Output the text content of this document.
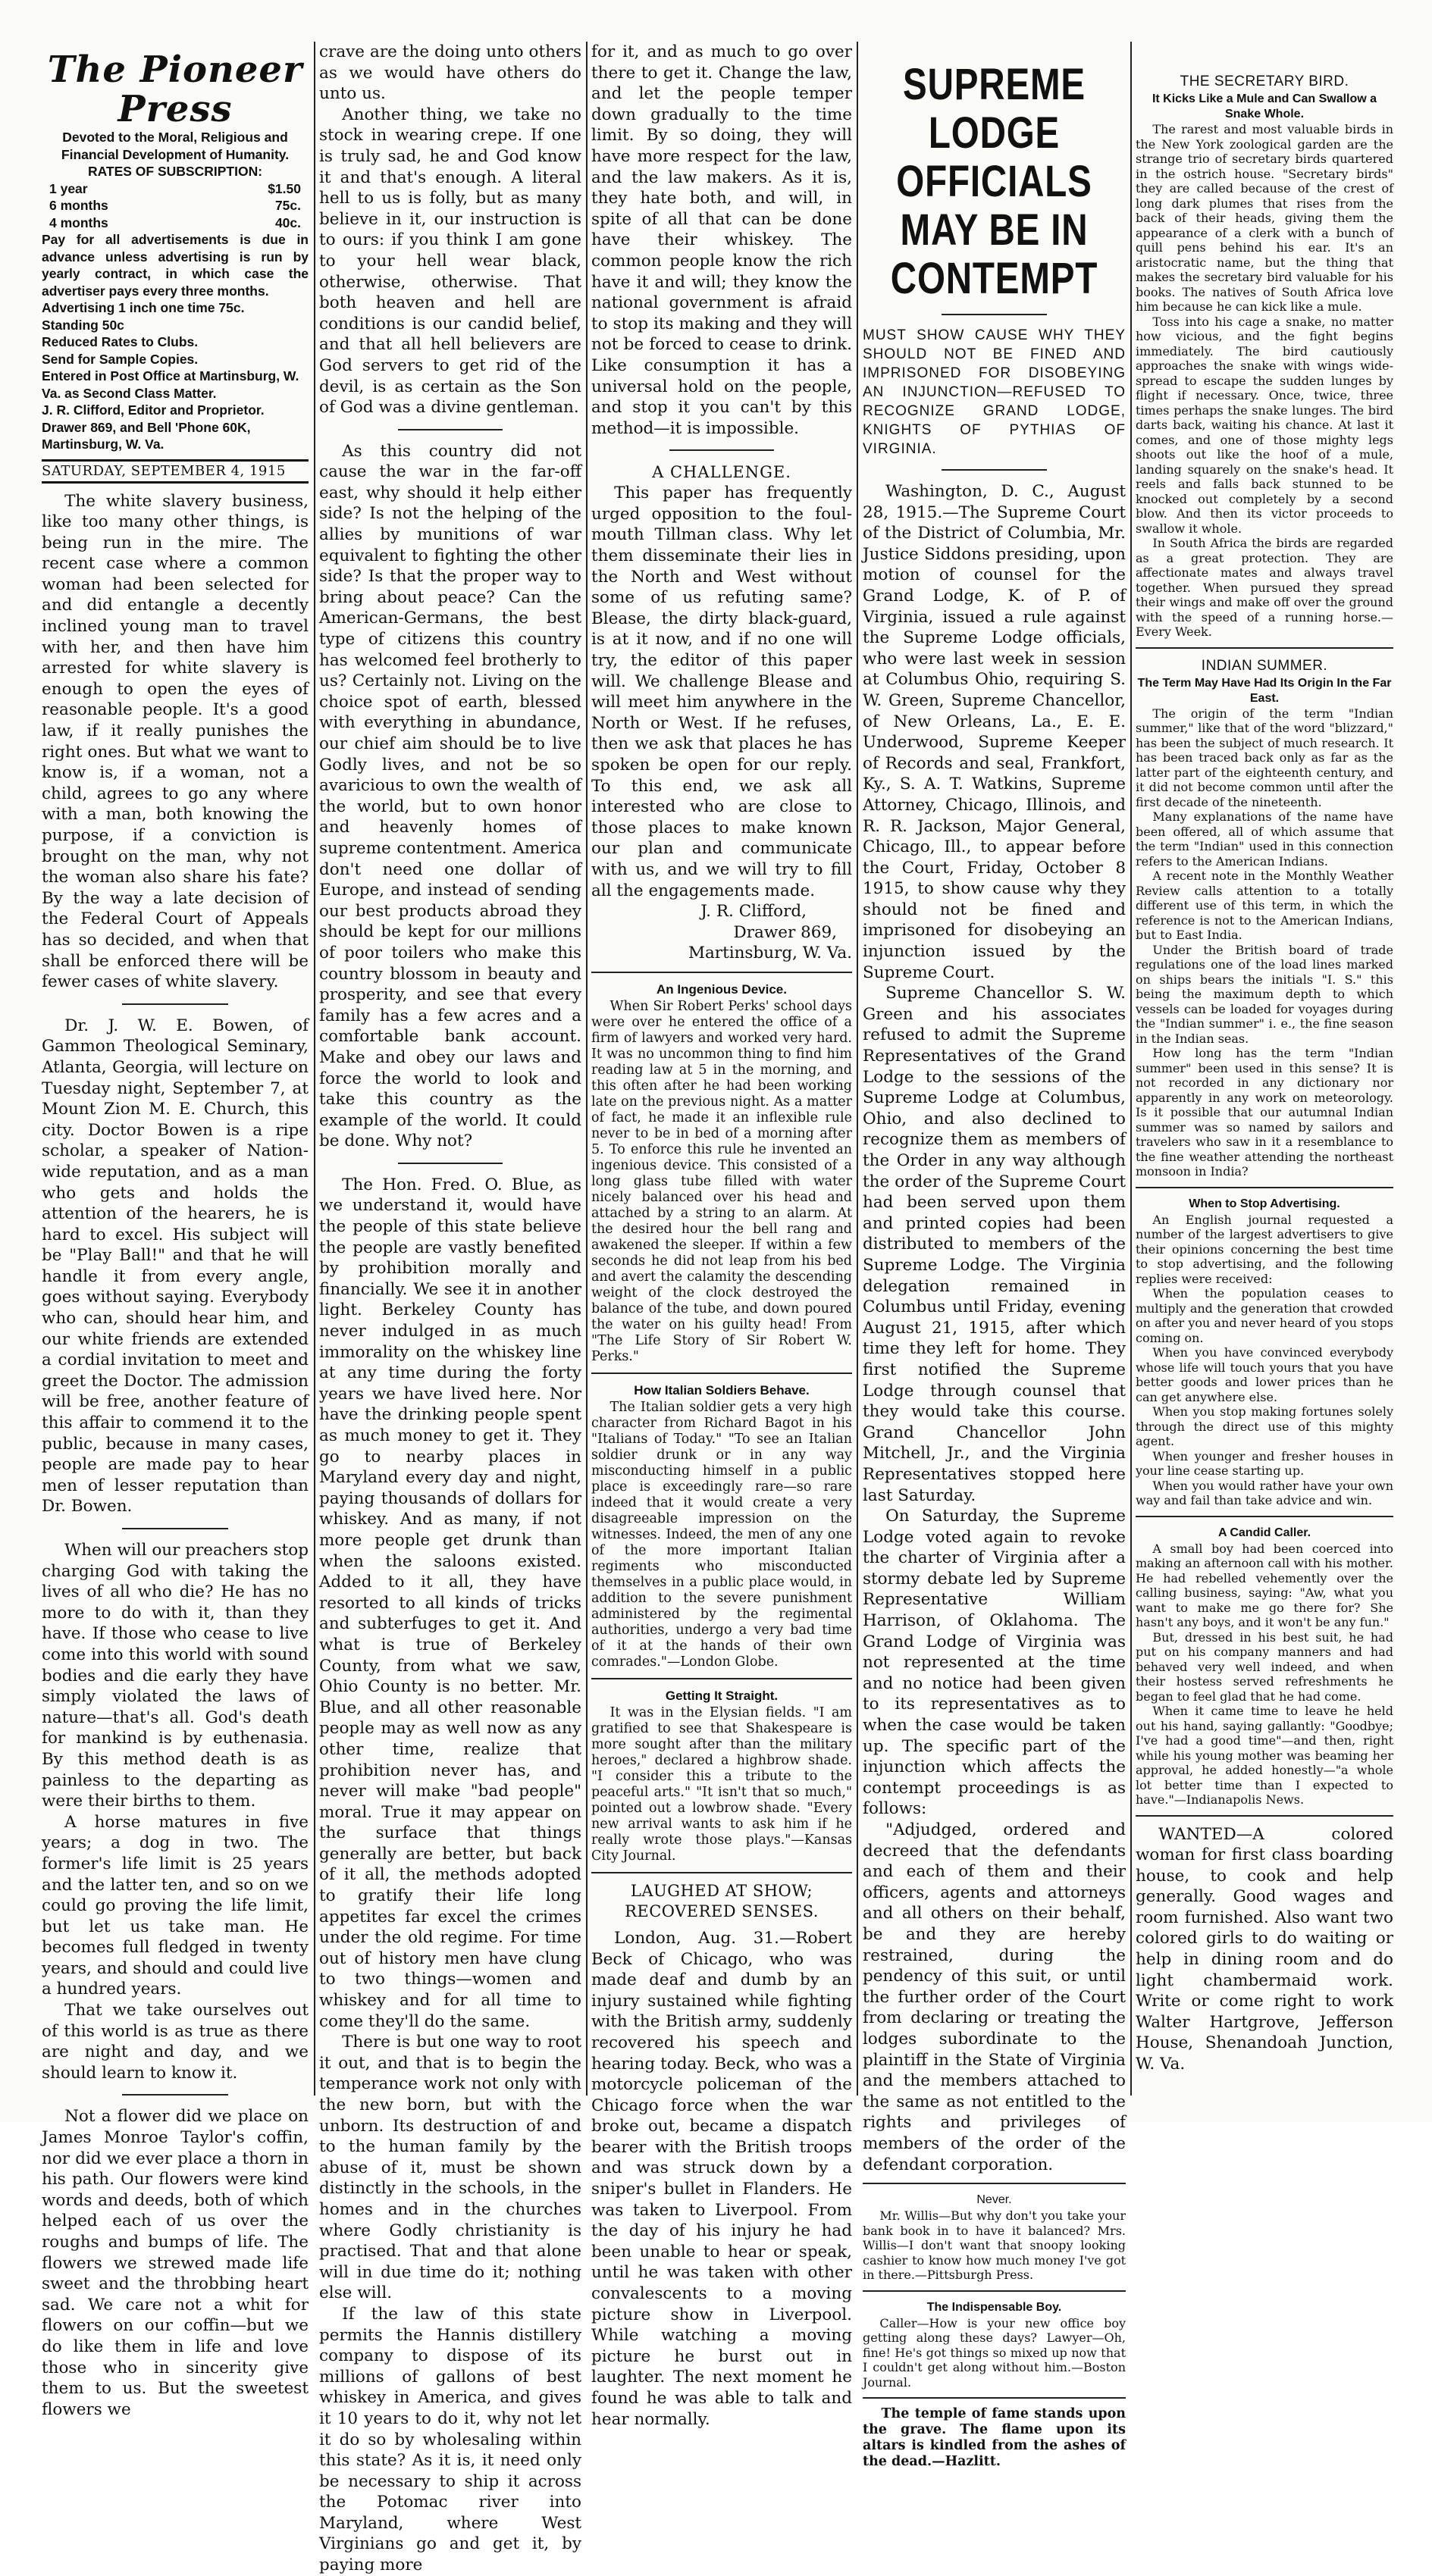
The Pioneer Press
Devoted to the Moral, Religious and
Financial Development of Humanity.
RATES OF SUBSCRIPTION:
1 year	$1.50
6 months	75c.
4 months	40c.
Pay for all advertisements is due in advance unless advertising is run by yearly contract, in which case the advertiser pays every three months.
Advertising 1 inch one time 75c.
Standing 50c
Reduced Rates to Clubs.
Send for Sample Copies.
Entered in Post Office at Martinsburg, W. Va. as Second Class Matter.
J. R. Clifford, Editor and Proprietor.
Drawer 869, and Bell 'Phone 60K,
Martinsburg, W. Va.
SATURDAY, SEPTEMBER 4, 1915

The white slavery business, like too many other things, is being run in the mire. The recent case where a common woman had been selected for and did entangle a decently inclined young man to travel with her, and then have him arrested for white slavery is enough to open the eyes of reasonable people. It's a good law, if it really punishes the right ones. But what we want to know is, if a woman, not a child, agrees to go any where with a man, both knowing the purpose, if a conviction is brought on the man, why not the woman also share his fate? By the way a late decision of the Federal Court of Appeals has so decided, and when that shall be enforced there will be fewer cases of white slavery.

Dr. J. W. E. Bowen, of Gammon Theological Seminary, Atlanta, Georgia, will lecture on Tuesday night, September 7, at Mount Zion M. E. Church, this city. Doctor Bowen is a ripe scholar, a speaker of Nation-wide reputation, and as a man who gets and holds the attention of the hearers, he is hard to excel. His subject will be "Play Ball!" and that he will handle it from every angle, goes without saying. Everybody who can, should hear him, and our white friends are extended a cordial invitation to meet and greet the Doctor. The admission will be free, another feature of this affair to commend it to the public, because in many cases, people are made pay to hear men of lesser reputation than Dr. Bowen.

When will our preachers stop charging God with taking the lives of all who die? He has no more to do with it, than they have. If those who cease to live come into this world with sound bodies and die early they have simply violated the laws of nature—that's all. God's death for mankind is by euthenasia. By this method death is as painless to the departing as were their births to them.

A horse matures in five years; a dog in two. The former's life limit is 25 years and the latter ten, and so on we could go proving the life limit, but let us take man. He becomes full fledged in twenty years, and should and could live a hundred years.

That we take ourselves out of this world is as true as there are night and day, and we should learn to know it.

Not a flower did we place on James Monroe Taylor's coffin, nor did we ever place a thorn in his path. Our flowers were kind words and deeds, both of which helped each of us over the roughs and bumps of life. The flowers we strewed made life sweet and the throbbing heart sad. We care not a whit for flowers on our coffin—but we do like them in life and love those who in sincerity give them to us. But the sweetest flowers we

crave are the doing unto others as we would have others do unto us.

Another thing, we take no stock in wearing crepe. If one is truly sad, he and God know it and that's enough. A literal hell to us is folly, but as many believe in it, our instruction is to ours: if you think I am gone to your hell wear black, otherwise, otherwise. That both heaven and hell are conditions is our candid belief, and that all hell believers are God servers to get rid of the devil, is as certain as the Son of God was a divine gentleman.

As this country did not cause the war in the far-off east, why should it help either side? Is not the helping of the allies by munitions of war equivalent to fighting the other side? Is that the proper way to bring about peace? Can the American-Germans, the best type of citizens this country has welcomed feel brotherly to us? Certainly not. Living on the choice spot of earth, blessed with everything in abundance, our chief aim should be to live Godly lives, and not be so avaricious to own the wealth of the world, but to own honor and heavenly homes of supreme contentment. America don't need one dollar of Europe, and instead of sending our best products abroad they should be kept for our millions of poor toilers who make this country blossom in beauty and prosperity, and see that every family has a few acres and a comfortable bank account. Make and obey our laws and force the world to look and take this country as the example of the world. It could be done. Why not?

The Hon. Fred. O. Blue, as we understand it, would have the people of this state believe the people are vastly benefited by prohibition morally and financially. We see it in another light. Berkeley County has never indulged in as much immorality on the whiskey line at any time during the forty years we have lived here. Nor have the drinking people spent as much money to get it. They go to nearby places in Maryland every day and night, paying thousands of dollars for whiskey. And as many, if not more people get drunk than when the saloons existed. Added to it all, they have resorted to all kinds of tricks and subterfuges to get it. And what is true of Berkeley County, from what we saw, Ohio County is no better. Mr. Blue, and all other reasonable people may as well now as any other time, realize that prohibition never has, and never will make "bad people" moral. True it may appear on the surface that things generally are better, but back of it all, the methods adopted to gratify their life long appetites far excel the crimes under the old regime. For time out of history men have clung to two things—women and whiskey and for all time to come they'll do the same.

There is but one way to root it out, and that is to begin the temperance work not only with the new born, but with the unborn. Its destruction of and to the human family by the abuse of it, must be shown distinctly in the schools, in the homes and in the churches where Godly christianity is practised. That and that alone will in due time do it; nothing else will.

If the law of this state permits the Hannis distillery company to dispose of its millions of gallons of best whiskey in America, and gives it 10 years to do it, why not let it do so by wholesaling within this state? As it is, it need only be necessary to ship it across the Potomac river into Maryland, where West Virginians go and get it, by paying more

for it, and as much to go over there to get it. Change the law, and let the people temper down gradually to the time limit. By so doing, they will have more respect for the law, and the law makers. As it is, they hate both, and will, in spite of all that can be done have their whiskey. The common people know the rich have it and will; they know the national government is afraid to stop its making and they will not be forced to cease to drink. Like consumption it has a universal hold on the people, and stop it you can't by this method—it is impossible.

A CHALLENGE.

This paper has frequently urged opposition to the foul-mouth Tillman class. Why let them disseminate their lies in the North and West without some of us refuting same? Blease, the dirty black-guard, is at it now, and if no one will try, the editor of this paper will. We challenge Blease and will meet him anywhere in the North or West. If he refuses, then we ask that places he has spoken be open for our reply. To this end, we ask all interested who are close to those places to make known our plan and communicate with us, and we will try to fill all the engagements made.

J. R. Clifford,
Drawer 869,
Martinsburg, W. Va.
An Ingenious Device.

When Sir Robert Perks' school days were over he entered the office of a firm of lawyers and worked very hard. It was no uncommon thing to find him reading law at 5 in the morning, and this often after he had been working late on the previous night. As a matter of fact, he made it an inflexible rule never to be in bed of a morning after 5. To enforce this rule he invented an ingenious device. This consisted of a long glass tube filled with water nicely balanced over his head and attached by a string to an alarm. At the desired hour the bell rang and awakened the sleeper. If within a few seconds he did not leap from his bed and avert the calamity the descending weight of the clock destroyed the balance of the tube, and down poured the water on his guilty head! From "The Life Story of Sir Robert W. Perks."

How Italian Soldiers Behave.

The Italian soldier gets a very high character from Richard Bagot in his "Italians of Today." "To see an Italian soldier drunk or in any way misconducting himself in a public place is exceedingly rare—so rare indeed that it would create a very disagreeable impression on the witnesses. Indeed, the men of any one of the more important Italian regiments who misconducted themselves in a public place would, in addition to the severe punishment administered by the regimental authorities, undergo a very bad time of it at the hands of their own comrades."—London Globe.

Getting It Straight.

It was in the Elysian fields. "I am gratified to see that Shakespeare is more sought after than the military heroes," declared a highbrow shade. "I consider this a tribute to the peaceful arts." "It isn't that so much," pointed out a lowbrow shade. "Every new arrival wants to ask him if he really wrote those plays."—Kansas City Journal.

LAUGHED AT SHOW; RECOVERED SENSES.

London, Aug. 31.—Robert Beck of Chicago, who was made deaf and dumb by an injury sustained while fighting with the British army, suddenly recovered his speech and hearing today. Beck, who was a motorcycle policeman of the Chicago force when the war broke out, became a dispatch bearer with the British troops and was struck down by a sniper's bullet in Flanders. He was taken to Liverpool. From the day of his injury he had been unable to hear or speak, until he was taken with other convalescents to a moving picture show in Liverpool. While watching a moving picture he burst out in laughter. The next moment he found he was able to talk and hear normally.

SUPREME LODGE OFFICIALS MAY BE IN CONTEMPT
MUST SHOW CAUSE WHY THEY SHOULD NOT BE FINED AND IMPRISONED FOR DISOBEYING AN INJUNCTION—REFUSED TO RECOGNIZE GRAND LODGE, KNIGHTS OF PYTHIAS OF VIRGINIA.

Washington, D. C., August 28, 1915.—The Supreme Court of the District of Columbia, Mr. Justice Siddons presiding, upon motion of counsel for the Grand Lodge, K. of P. of Virginia, issued a rule against the Supreme Lodge officials, who were last week in session at Columbus Ohio, requiring S. W. Green, Supreme Chancellor, of New Orleans, La., E. E. Underwood, Supreme Keeper of Records and seal, Frankfort, Ky., S. A. T. Watkins, Supreme Attorney, Chicago, Illinois, and R. R. Jackson, Major General, Chicago, Ill., to appear before the Court, Friday, October 8 1915, to show cause why they should not be fined and imprisoned for disobeying an injunction issued by the Supreme Court.

Supreme Chancellor S. W. Green and his associates refused to admit the Supreme Representatives of the Grand Lodge to the sessions of the Supreme Lodge at Columbus, Ohio, and also declined to recognize them as members of the Order in any way although the order of the Supreme Court had been served upon them and printed copies had been distributed to members of the Supreme Lodge. The Virginia delegation remained in Columbus until Friday, evening August 21, 1915, after which time they left for home. They first notified the Supreme Lodge through counsel that they would take this course. Grand Chancellor John Mitchell, Jr., and the Virginia Representatives stopped here last Saturday.

On Saturday, the Supreme Lodge voted again to revoke the charter of Virginia after a stormy debate led by Supreme Representative William Harrison, of Oklahoma. The Grand Lodge of Virginia was not represented at the time and no notice had been given to its representatives as to when the case would be taken up. The specific part of the injunction which affects the contempt proceedings is as follows:

"Adjudged, ordered and decreed that the defendants and each of them and their officers, agents and attorneys and all others on their behalf, be and they are hereby restrained, during the pendency of this suit, or until the further order of the Court from declaring or treating the lodges subordinate to the plaintiff in the State of Virginia and the members attached to the same as not entitled to the rights and privileges of members of the order of the defendant corporation.

Never.

Mr. Willis—But why don't you take your bank book in to have it balanced? Mrs. Willis—I don't want that snoopy looking cashier to know how much money I've got in there.—Pittsburgh Press.

The Indispensable Boy.

Caller—How is your new office boy getting along these days? Lawyer—Oh, fine! He's got things so mixed up now that I couldn't get along without him.—Boston Journal.

The temple of fame stands upon the grave. The flame upon its altars is kindled from the ashes of the dead.—Hazlitt.

THE SECRETARY BIRD.
It Kicks Like a Mule and Can Swallow a Snake Whole.

The rarest and most valuable birds in the New York zoological garden are the strange trio of secretary birds quartered in the ostrich house. "Secretary birds" they are called because of the crest of long dark plumes that rises from the back of their heads, giving them the appearance of a clerk with a bunch of quill pens behind his ear. It's an aristocratic name, but the thing that makes the secretary bird valuable for his books. The natives of South Africa love him because he can kick like a mule.

Toss into his cage a snake, no matter how vicious, and the fight begins immediately. The bird cautiously approaches the snake with wings wide-spread to escape the sudden lunges by flight if necessary. Once, twice, three times perhaps the snake lunges. The bird darts back, waiting his chance. At last it comes, and one of those mighty legs shoots out like the hoof of a mule, landing squarely on the snake's head. It reels and falls back stunned to be knocked out completely by a second blow. And then its victor proceeds to swallow it whole.

In South Africa the birds are regarded as a great protection. They are affectionate mates and always travel together. When pursued they spread their wings and make off over the ground with the speed of a running horse.—Every Week.

INDIAN SUMMER.
The Term May Have Had Its Origin In the Far East.

The origin of the term "Indian summer," like that of the word "blizzard," has been the subject of much research. It has been traced back only as far as the latter part of the eighteenth century, and it did not become common until after the first decade of the nineteenth.

Many explanations of the name have been offered, all of which assume that the term "Indian" used in this connection refers to the American Indians.

A recent note in the Monthly Weather Review calls attention to a totally different use of this term, in which the reference is not to the American Indians, but to East India.

Under the British board of trade regulations one of the load lines marked on ships bears the initials "I. S." this being the maximum depth to which vessels can be loaded for voyages during the "Indian summer" i. e., the fine season in the Indian seas.

How long has the term "Indian summer" been used in this sense? It is not recorded in any dictionary nor apparently in any work on meteorology. Is it possible that our autumnal Indian summer was so named by sailors and travelers who saw in it a resemblance to the fine weather attending the northeast monsoon in India?

When to Stop Advertising.

An English journal requested a number of the largest advertisers to give their opinions concerning the best time to stop advertising, and the following replies were received:

When the population ceases to multiply and the generation that crowded on after you and never heard of you stops coming on.

When you have convinced everybody whose life will touch yours that you have better goods and lower prices than he can get anywhere else.

When you stop making fortunes solely through the direct use of this mighty agent.

When younger and fresher houses in your line cease starting up.

When you would rather have your own way and fail than take advice and win.

A Candid Caller.

A small boy had been coerced into making an afternoon call with his mother. He had rebelled vehemently over the calling business, saying: "Aw, what you want to make me go there for? She hasn't any boys, and it won't be any fun."

But, dressed in his best suit, he had put on his company manners and had behaved very well indeed, and when their hostess served refreshments he began to feel glad that he had come.

When it came time to leave he held out his hand, saying gallantly: "Goodbye; I've had a good time"—and then, right while his young mother was beaming her approval, he added honestly—"a whole lot better time than I expected to have."—Indianapolis News.

WANTED—A colored woman for first class boarding house, to cook and help generally. Good wages and room furnished. Also want two colored girls to do waiting or help in dining room and do light chambermaid work. Write or come right to work Walter Hartgrove, Jefferson House, Shenandoah Junction, W. Va.
